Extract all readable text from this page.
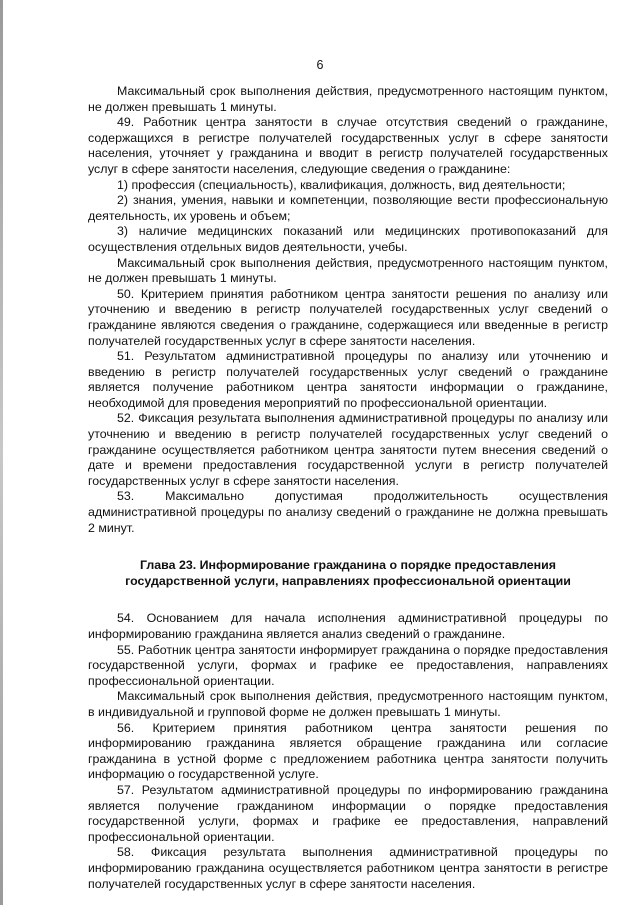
6

Максимальный срок выполнения действия, предусмотренного настоящим пунктом, не должен превышать 1 минуты.

49. Работник центра занятости в случае отсутствия сведений о гражданине, содержащихся в регистре получателей государственных услуг в сфере занятости населения, уточняет у гражданина и вводит в регистр получателей государственных услуг в сфере занятости населения, следующие сведения о гражданине:

1) профессия (специальность), квалификация, должность, вид деятельности;

2) знания, умения, навыки и компетенции, позволяющие вести профессиональную деятельность, их уровень и объем;

3) наличие медицинских показаний или медицинских противопоказаний для осуществления отдельных видов деятельности, учебы.

Максимальный срок выполнения действия, предусмотренного настоящим пунктом, не должен превышать 1 минуты.

50. Критерием принятия работником центра занятости решения по анализу или уточнению и введению в регистр получателей государственных услуг сведений о гражданине являются сведения о гражданине, содержащиеся или введенные в регистр получателей государственных услуг в сфере занятости населения.

51. Результатом административной процедуры по анализу или уточнению и введению в регистр получателей государственных услуг сведений о гражданине является получение работником центра занятости информации о гражданине, необходимой для проведения мероприятий по профессиональной ориентации.

52. Фиксация результата выполнения административной процедуры по анализу или уточнению и введению в регистр получателей государственных услуг сведений о гражданине осуществляется работником центра занятости путем внесения сведений о дате и времени предоставления государственной услуги в регистр получателей государственных услуг в сфере занятости населения.

53. Максимально допустимая продолжительность осуществления административной процедуры по анализу сведений о гражданине не должна превышать 2 минут.

Глава 23. Информирование гражданина о порядке предоставления
государственной услуги, направлениях профессиональной ориентации

54. Основанием для начала исполнения административной процедуры по информированию гражданина является анализ сведений о гражданине.

55. Работник центра занятости информирует гражданина о порядке предоставления государственной услуги, формах и графике ее предоставления, направлениях профессиональной ориентации.

Максимальный срок выполнения действия, предусмотренного настоящим пунктом, в индивидуальной и групповой форме не должен превышать 1 минуты.

56. Критерием принятия работником центра занятости решения по информированию гражданина является обращение гражданина или согласие гражданина в устной форме с предложением работника центра занятости получить информацию о государственной услуге.

57. Результатом административной процедуры по информированию гражданина является получение гражданином информации о порядке предоставления государственной услуги, формах и графике ее предоставления, направлений профессиональной ориентации.

58. Фиксация результата выполнения административной процедуры по информированию гражданина осуществляется работником центра занятости в регистре получателей государственных услуг в сфере занятости населения.
